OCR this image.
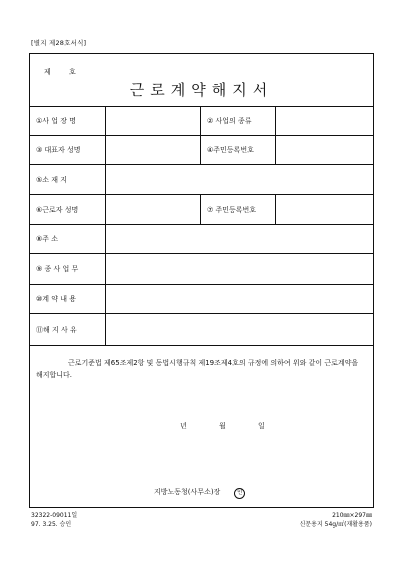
[별지 제28호서식]
제 호
근로계약해지서
①사 업 장 명	② 사업의 종류
③ 대표자 성명	④주민등록번호
⑤소 재 지
⑥근로자 성명	⑦ 주민등록번호
⑧주 소
⑨ 종 사 업 무
⑩계 약 내 용
⑪해 지 사 유
근로기준법 제65조제2항 및 동법시행규칙 제19조제4호의 규정에 의하여 위와 같이 근로계약을 해지합니다.
년 월 일
지방노동청(사무소)장	인
32322-09011일
97. 3.25. 승인
210㎜×297㎜
신문용지 54g/㎡(재활용품)
